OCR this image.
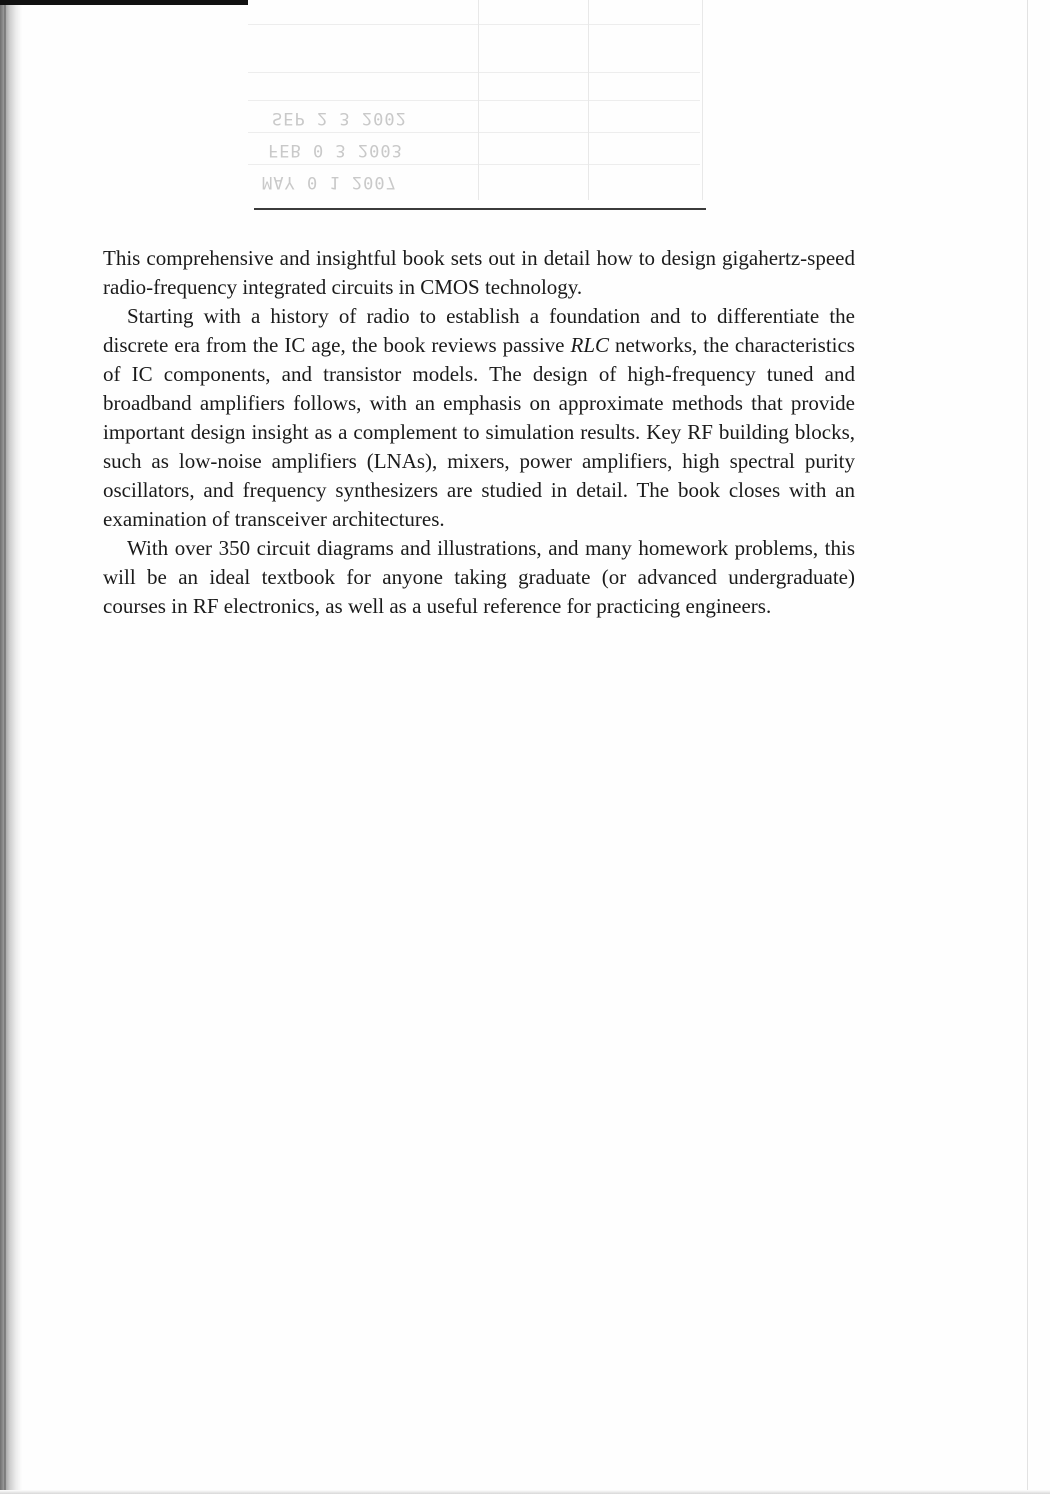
SEP 2 3 2002
FEB 0 3 2003
MAY 0 1 2007

This comprehensive and insightful book sets out in detail how to design gigahertz-speed radio-frequency integrated circuits in CMOS technology.

Starting with a history of radio to establish a foundation and to differentiate the discrete era from the IC age, the book reviews passive RLC networks, the characteristics of IC components, and transistor models. The design of high-frequency tuned and broadband amplifiers follows, with an emphasis on approximate methods that provide important design insight as a complement to simulation results. Key RF building blocks, such as low-noise amplifiers (LNAs), mixers, power amplifiers, high spectral purity oscillators, and frequency synthesizers are studied in detail. The book closes with an examination of transceiver architectures.

With over 350 circuit diagrams and illustrations, and many homework problems, this will be an ideal textbook for anyone taking graduate (or advanced undergraduate) courses in RF electronics, as well as a useful reference for practicing engineers.
